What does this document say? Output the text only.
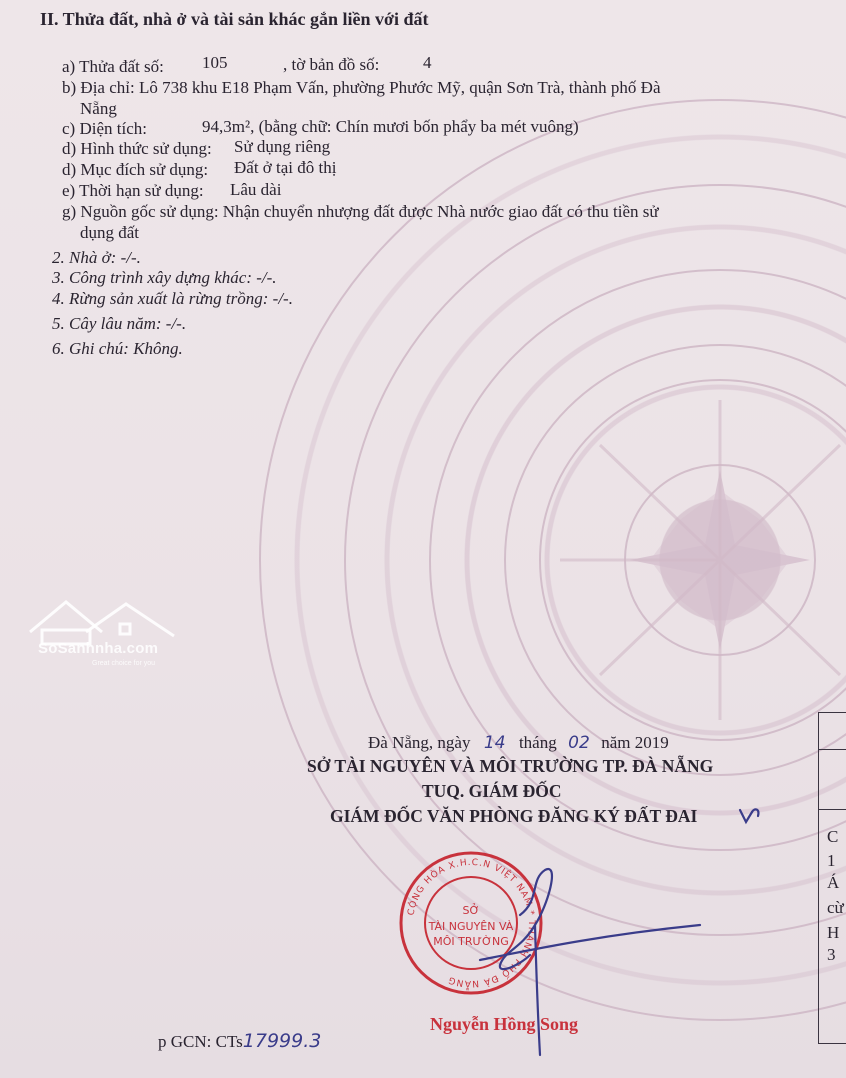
II. Thửa đất, nhà ở và tài sản khác gắn liền với đất
a) Thửa đất số: 105	, tờ bản đồ số:	4
b) Địa chỉ: Lô 738 khu E18 Phạm Vấn, phường Phước Mỹ, quận Sơn Trà, thành phố Đà
Nẵng
c) Diện tích:	94,3m², (bằng chữ: Chín mươi bốn phẩy ba mét vuông)
d) Hình thức sử dụng: Sử dụng riêng
d) Mục đích sử dụng: Đất ở tại đô thị
e) Thời hạn sử dụng: Lâu dài
g) Nguồn gốc sử dụng: Nhận chuyển nhượng đất được Nhà nước giao đất có thu tiền sử
dụng đất
2. Nhà ở: -/-.
3. Công trình xây dựng khác: -/-.
4. Rừng sản xuất là rừng trồng: -/-.
5. Cây lâu năm: -/-.
6. Ghi chú: Không.
SoSanhnha.com
Great choice for you
Đà Nẵng, ngày 14 tháng 02 năm 2019
SỞ TÀI NGUYÊN VÀ MÔI TRƯỜNG TP. ĐÀ NẴNG
TUQ. GIÁM ĐỐC
GIÁM ĐỐC VĂN PHÒNG ĐĂNG KÝ ĐẤT ĐAI
CỘNG HÒA X.H.C.N VIỆT NAM * THÀNH PHỐ ĐÀ NẴNG
SỞ
TÀI NGUYÊN VÀ
MÔI TRƯỜNG
Nguyễn Hồng Song
p GCN: CTs17999.3
C
1
Á
cừ
H
3
